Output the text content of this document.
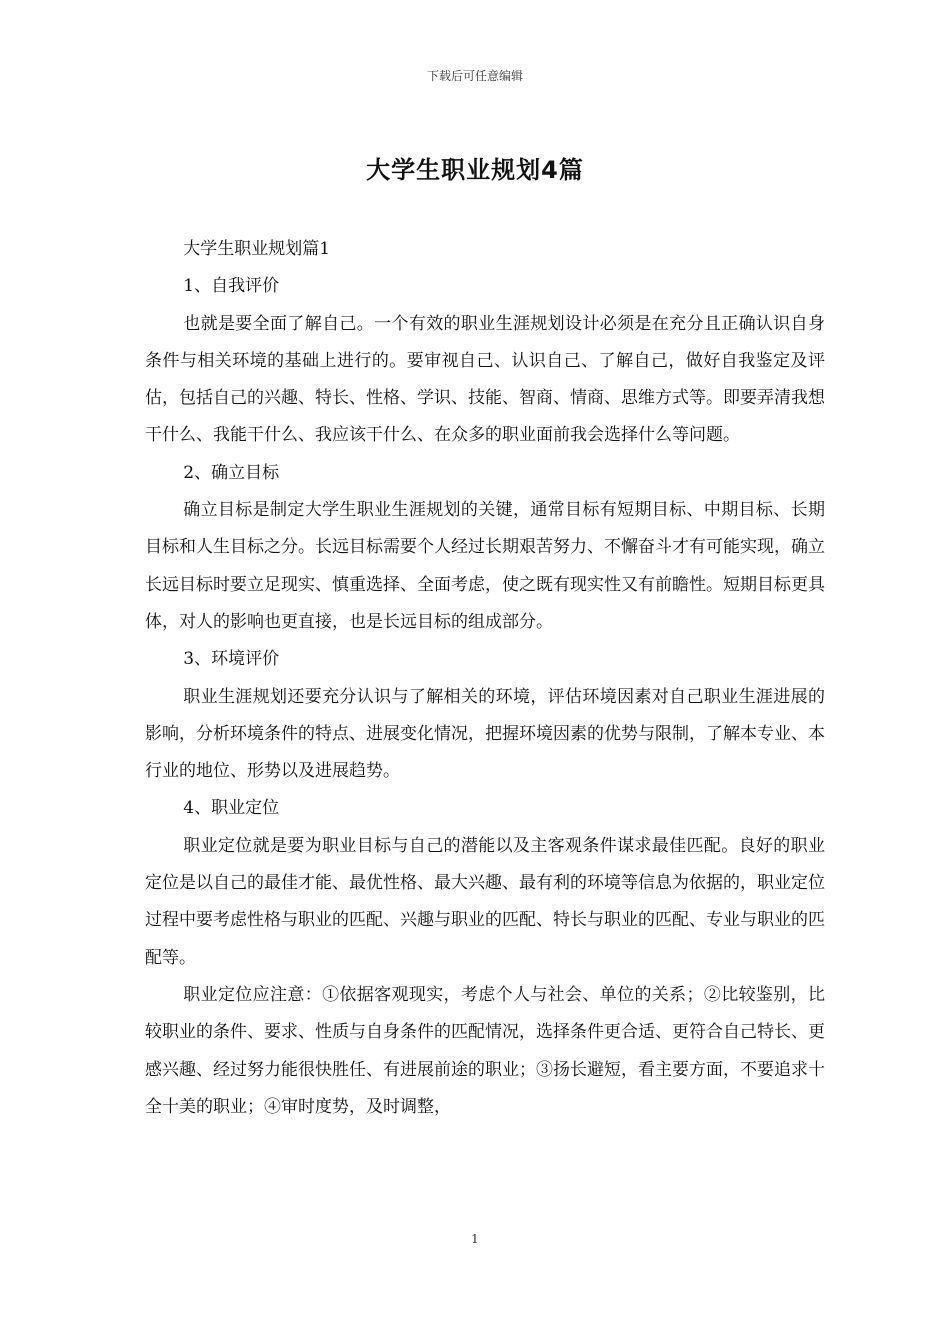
下载后可任意编辑
大学生职业规划4篇

大学生职业规划篇1

1、自我评价

也就是要全面了解自己。一个有效的职业生涯规划设计必须是在充分且正确认识自身条件与相关环境的基础上进行的。要审视自己、认识自己、了解自己，做好自我鉴定及评估，包括自己的兴趣、特长、性格、学识、技能、智商、情商、思维方式等。即要弄清我想干什么、我能干什么、我应该干什么、在众多的职业面前我会选择什么等问题。

2、确立目标

确立目标是制定大学生职业生涯规划的关键，通常目标有短期目标、中期目标、长期目标和人生目标之分。长远目标需要个人经过长期艰苦努力、不懈奋斗才有可能实现，确立长远目标时要立足现实、慎重选择、全面考虑，使之既有现实性又有前瞻性。短期目标更具体，对人的影响也更直接，也是长远目标的组成部分。

3、环境评价

职业生涯规划还要充分认识与了解相关的环境，评估环境因素对自己职业生涯进展的影响，分析环境条件的特点、进展变化情况，把握环境因素的优势与限制，了解本专业、本行业的地位、形势以及进展趋势。

4、职业定位

职业定位就是要为职业目标与自己的潜能以及主客观条件谋求最佳匹配。良好的职业定位是以自己的最佳才能、最优性格、最大兴趣、最有利的环境等信息为依据的，职业定位过程中要考虑性格与职业的匹配、兴趣与职业的匹配、特长与职业的匹配、专业与职业的匹配等。

职业定位应注意：①依据客观现实，考虑个人与社会、单位的关系；②比较鉴别，比较职业的条件、要求、性质与自身条件的匹配情况，选择条件更合适、更符合自己特长、更感兴趣、经过努力能很快胜任、有进展前途的职业；③扬长避短，看主要方面，不要追求十全十美的职业；④审时度势，及时调整，

1
